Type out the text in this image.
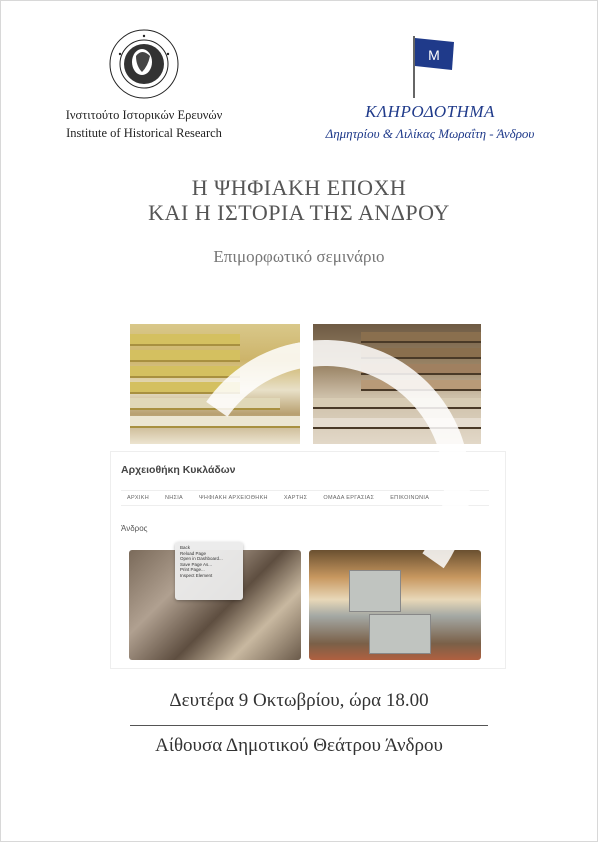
Ινστιτούτο Ιστορικών Ερευνών
Institute of Historical Research
M
ΚΛΗΡΟΔΟΤΗΜΑ
Δημητρίου & Λιλίκας Μωραΐτη - Άνδρου
Η ΨΗΦΙΑΚΗ ΕΠΟΧΗ
ΚΑΙ Η ΙΣΤΟΡΙΑ ΤΗΣ ΑΝΔΡΟΥ
Επιμορφωτικό σεμινάριο
Αρχειοθήκη Κυκλάδων
ΑΡΧΙΚΗ	ΝΗΣΙΑ	ΨΗΦΙΑΚΗ ΑΡΧΕΙΟΘΗΚΗ	ΧΑΡΤΗΣ	ΟΜΑΔΑ ΕΡΓΑΣΙΑΣ	ΕΠΙΚΟΙΝΩΝΙΑ
Άνδρος
Back
Reload Page
Open in Dashboard...
Save Page As...
Print Page...
Inspect Element
Δευτέρα 9 Οκτωβρίου, ώρα 18.00
Αίθουσα Δημοτικού Θεάτρου Άνδρου
